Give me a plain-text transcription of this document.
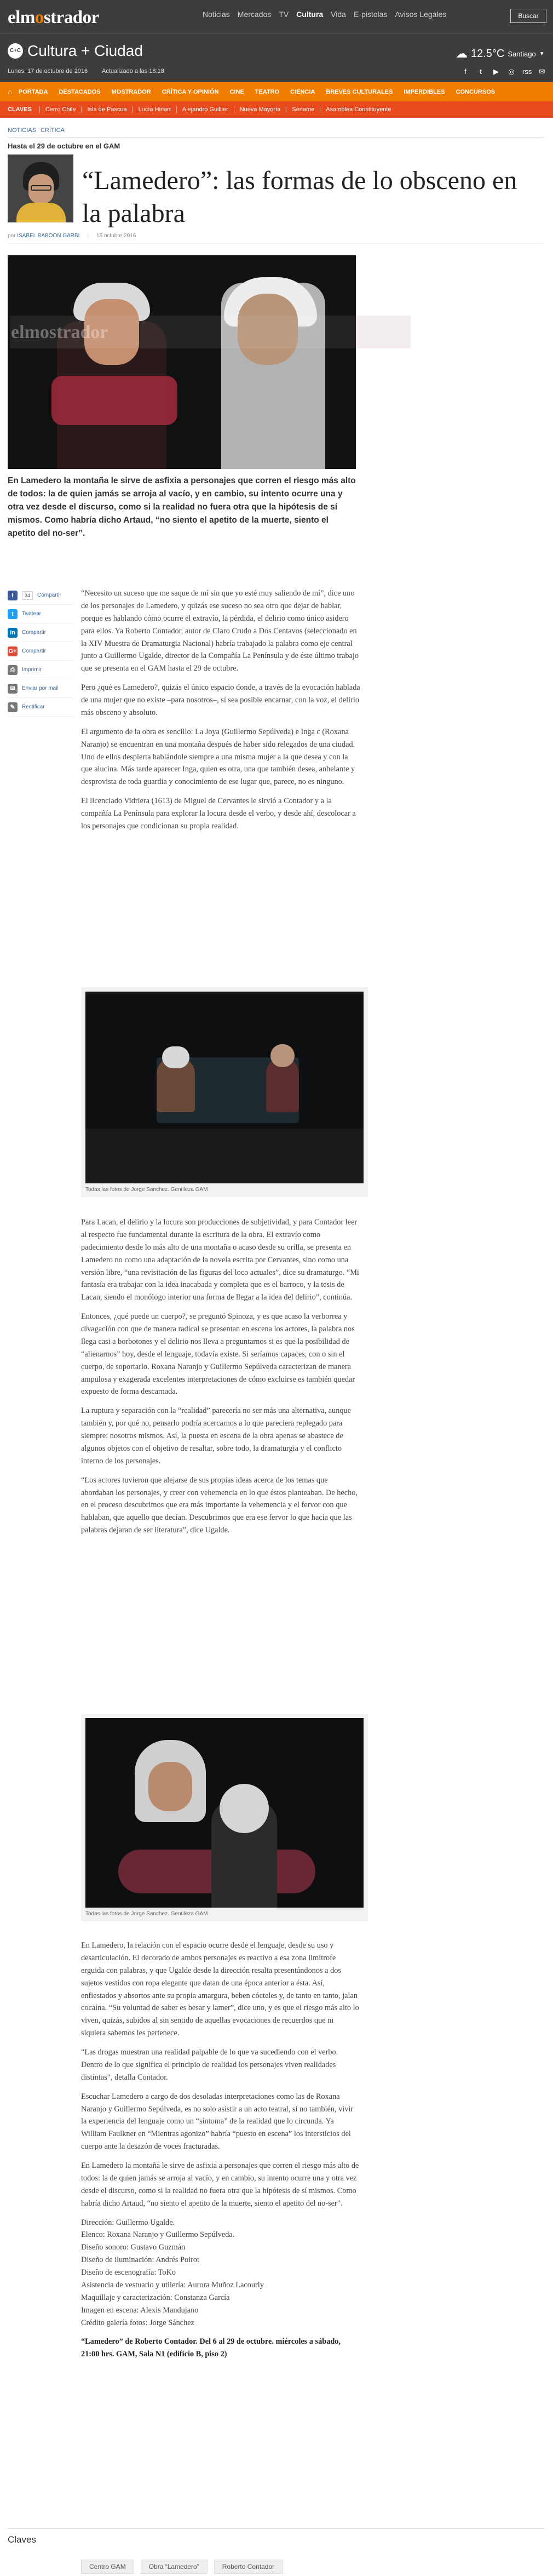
elmostrador	Noticias Mercados TV Cultura Vida E-pistolas Avisos Legales	Buscar
C+C Cultura + Ciudad
Lunes, 17 de octubre de 2016 Actualizado a las 18:18
☁ 12.5°C Santiago ▼
f	t	▶ ◎ rss ✉
⌂	PORTADA	DESTACADOS	MOSTRADOR	CRÍTICA Y OPINIÓN	CINE	TEATRO	CIENCIA	BREVES CULTURALES	IMPERDIBLES	CONCURSOS
CLAVES	Cerro Chile	Isla de Pascua	Lucía Hiriart	Alejandro Guillier	Nueva Mayoría	Sename	Asamblea Constituyente
NOTICIAS CRÍTICA
Hasta el 29 de octubre en el GAM
“Lamedero”: las formas de lo obsceno en la palabra
por ISABEL BABOON GARBI | 15 octubre 2016
elmostrador

En Lamedero la montaña le sirve de asfixia a personajes que corren el riesgo más alto de todos: la de quien jamás se arroja al vacío, y en cambio, su intento ocurre una y otra vez desde el discurso, como si la realidad no fuera otra que la hipótesis de sí mismos. Como habría dicho Artaud, “no siento el apetito de la muerte, siento el apetito del no-ser”.

f	34	Compartir
t	Twittear
in	Compartir
G+ Compartir
⎙	Imprimir
✉	Enviar por mail
✎	Rectificar

“Necesito un suceso que me saque de mí sin que yo esté muy saliendo de mí”, dice uno de los personajes de Lamedero, y quizás ese suceso no sea otro que dejar de hablar, porque es hablando cómo ocurre el extravío, la pérdida, el delirio como único asidero para ellos. Ya Roberto Contador, autor de Claro Crudo a Dos Centavos (seleccionado en la XIV Muestra de Dramaturgia Nacional) habría trabajado la palabra como eje central junto a Guillermo Ugalde, director de la Compañía La Península y de éste último trabajo que se presenta en el GAM hasta el 29 de octubre.

Pero ¿qué es Lamedero?, quizás el único espacio donde, a través de la evocación hablada de una mujer que no existe –para nosotros–, sí sea posible encarnar, con la voz, el delirio más obsceno y absoluto.

El argumento de la obra es sencillo: La Joya (Guillermo Sepúlveda) e Inga c (Roxana Naranjo) se encuentran en una montaña después de haber sido relegados de una ciudad. Uno de ellos despierta hablándole siempre a una misma mujer a la que desea y con la que alucina. Más tarde aparecer Inga, quien es otra, una que también desea, anhelante y desprovista de toda guardia y conocimiento de ese lugar que, parece, no es ninguno.

El licenciado Vidriera (1613) de Miguel de Cervantes le sirvió a Contador y a la compañía La Península para explorar la locura desde el verbo, y desde ahí, descolocar a los personajes que condicionan su propia realidad.

Todas las fotos de Jorge Sanchez. Gentileza GAM

Para Lacan, el delirio y la locura son producciones de subjetividad, y para Contador leer al respecto fue fundamental durante la escritura de la obra. El extravío como padecimiento desde lo más alto de una montaña o acaso desde su orilla, se presenta en Lamedero no como una adaptación de la novela escrita por Cervantes, sino como una versión libre, “una revisitación de las figuras del loco actuales”, dice su dramaturgo. “Mi fantasía era trabajar con la idea inacabada y completa que es el barroco, y la tesis de Lacan, siendo el monólogo interior una forma de llegar a la idea del delirio”, continúa.

Entonces, ¿qué puede un cuerpo?, se preguntó Spinoza, y es que acaso la verborrea y divagación con que de manera radical se presentan en escena los actores, la palabra nos llega casi a borbotones y el delirio nos lleva a preguntarnos si es que la posibilidad de “alienarnos” hoy, desde el lenguaje, todavía existe. Si seríamos capaces, con o sin el cuerpo, de soportarlo. Roxana Naranjo y Guillermo Sepúlveda caracterizan de manera ampulosa y exagerada excelentes interpretaciones de cómo excluirse es también quedar expuesto de forma descarnada.

La ruptura y separación con la “realidad” parecería no ser más una alternativa, aunque también y, por qué no, pensarlo podría acercarnos a lo que pareciera replegado para siempre: nosotros mismos. Así, la puesta en escena de la obra apenas se abastece de algunos objetos con el objetivo de resaltar, sobre todo, la dramaturgia y el conflicto interno de los personajes.

“Los actores tuvieron que alejarse de sus propias ideas acerca de los temas que abordaban los personajes, y creer con vehemencia en lo que éstos planteaban. De hecho, en el proceso descubrimos que era más importante la vehemencia y el fervor con que hablaban, que aquello que decían. Descubrimos que era ese fervor lo que hacía que las palabras dejaran de ser literatura”, dice Ugalde.

Todas las fotos de Jorge Sanchez. Gentileza GAM

En Lamedero, la relación con el espacio ocurre desde el lenguaje, desde su uso y desarticulación. El decorado de ambos personajes es reactivo a esa zona limítrofe erguida con palabras, y que Ugalde desde la dirección resalta presentándonos a dos sujetos vestidos con ropa elegante que datan de una época anterior a ésta. Así, enfiestados y absortos ante su propia amargura, beben cócteles y, de tanto en tanto, jalan cocaína. “Su voluntad de saber es besar y lamer”, dice uno, y es que el riesgo más alto lo viven, quizás, subidos al sin sentido de aquellas evocaciones de recuerdos que ni siquiera sabemos les pertenece.

“Las drogas muestran una realidad palpable de lo que va sucediendo con el verbo. Dentro de lo que significa el principio de realidad los personajes viven realidades distintas”, detalla Contador.

Escuchar Lamedero a cargo de dos desoladas interpretaciones como las de Roxana Naranjo y Guillermo Sepúlveda, es no solo asistir a un acto teatral, si no también, vivir la experiencia del lenguaje como un “síntoma” de la realidad que lo circunda. Ya William Faulkner en “Mientras agonizo” habría “puesto en escena” los intersticios del cuerpo ante la desazón de voces fracturadas.

En Lamedero la montaña le sirve de asfixia a personajes que corren el riesgo más alto de todos: la de quien jamás se arroja al vacío, y en cambio, su intento ocurre una y otra vez desde el discurso, como si la realidad no fuera otra que la hipótesis de sí mismos. Como habría dicho Artaud, “no siento el apetito de la muerte, siento el apetito del no-ser”.

Dirección: Guillermo Ugalde.
Elenco: Roxana Naranjo y Guillermo Sepúlveda.
Diseño sonoro: Gustavo Guzmán
Diseño de iluminación: Andrés Poirot
Diseño de escenografía: ToKo
Asistencia de vestuario y utilería: Aurora Muñoz Lacourly
Maquillaje y caracterización: Constanza García
Imagen en escena: Alexis Mandujano
Crédito galería fotos: Jorge Sánchez

“Lamedero” de Roberto Contador. Del 6 al 29 de octubre. miércoles a sábado, 21:00 hrs. GAM, Sala N1 (edificio B, piso 2)

Claves
Centro GAM	Obra “Lamedero”	Roberto Contador
